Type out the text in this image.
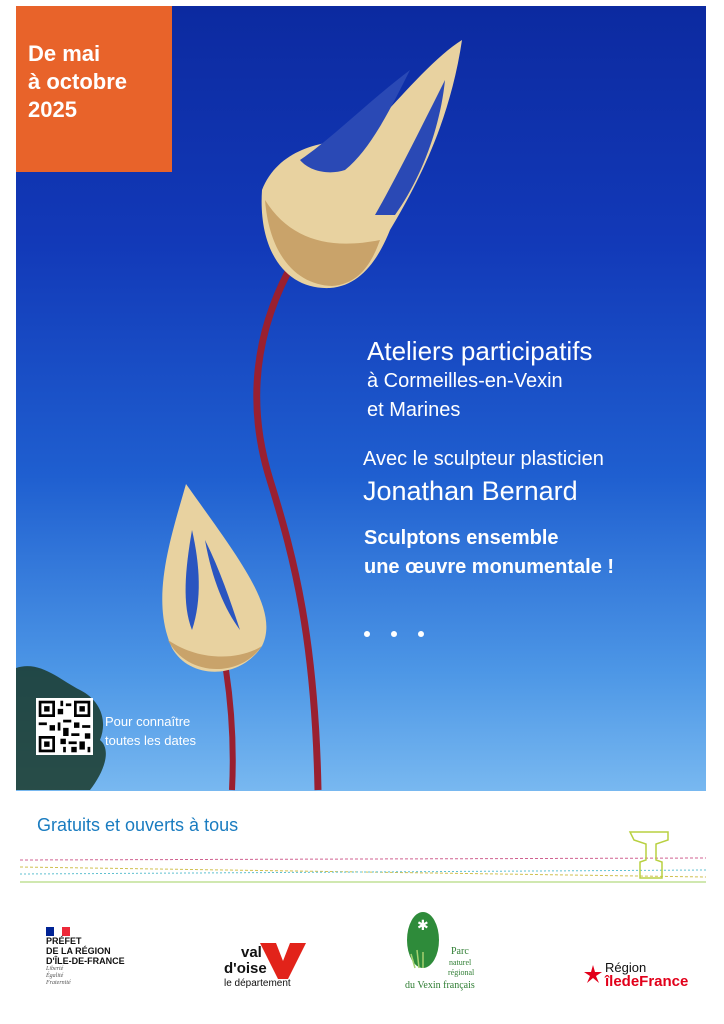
De mai
à octobre
2025
Ateliers participatifs
à Cormeilles-en-Vexin
et Marines
Avec le sculpteur plasticien
Jonathan Bernard
Sculptons ensemble
une œuvre monumentale !
Pour connaître
toutes les dates
Gratuits et ouverts à tous
PRÉFET
DE LA RÉGION
D'ÎLE-DE-FRANCE
Liberté
Égalité
Fraternité
val
d'oise
le département
✱
Parc
naturel
régional
du Vexin français
Région
îledeFrance
